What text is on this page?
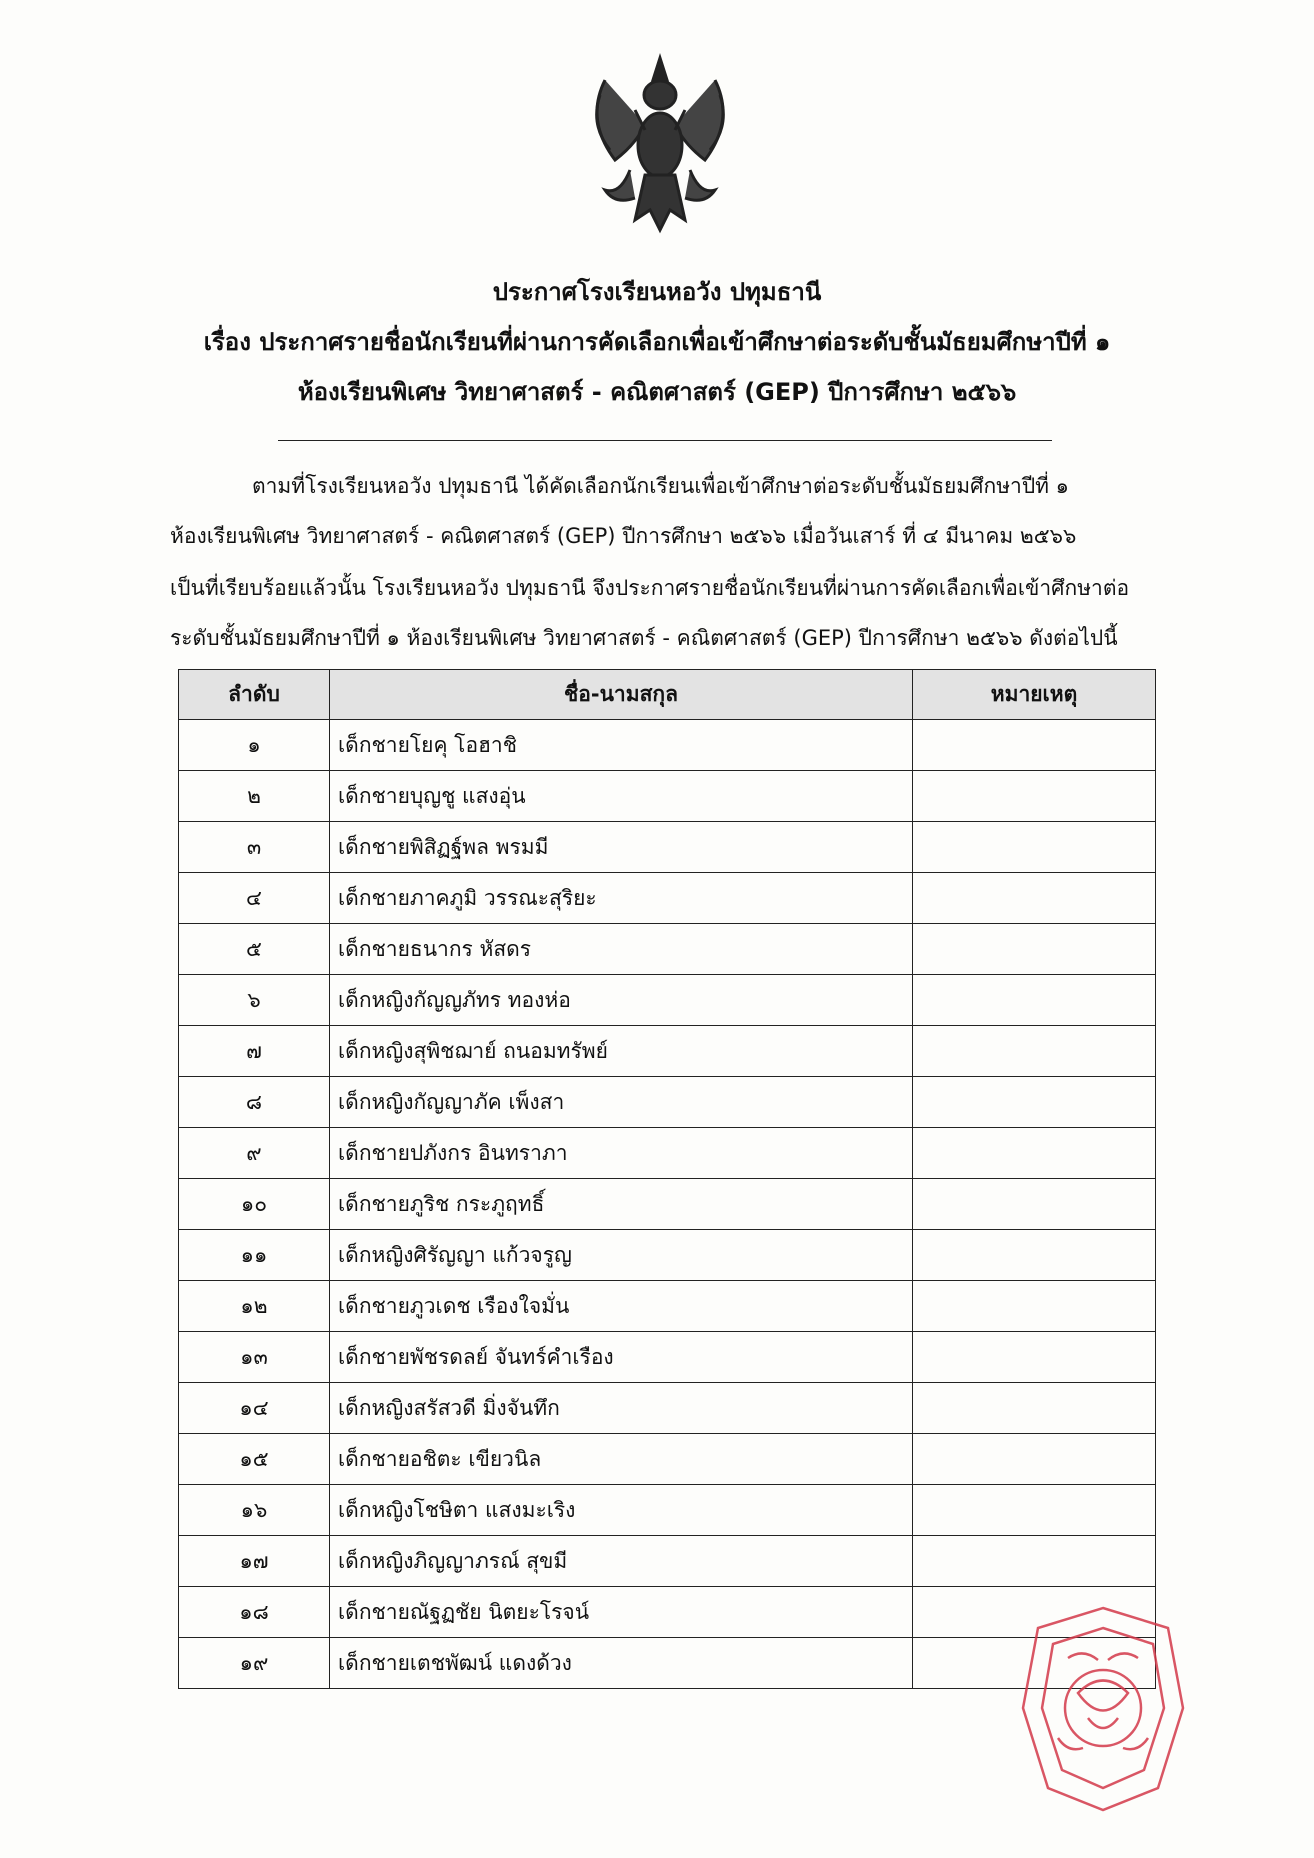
ประกาศโรงเรียนหอวัง ปทุมธานี
เรื่อง ประกาศรายชื่อนักเรียนที่ผ่านการคัดเลือกเพื่อเข้าศึกษาต่อระดับชั้นมัธยมศึกษาปีที่ ๑
ห้องเรียนพิเศษ วิทยาศาสตร์ - คณิตศาสตร์ (GEP) ปีการศึกษา ๒๕๖๖
ตามที่โรงเรียนหอวัง ปทุมธานี ได้คัดเลือกนักเรียนเพื่อเข้าศึกษาต่อระดับชั้นมัธยมศึกษาปีที่ ๑
ห้องเรียนพิเศษ วิทยาศาสตร์ - คณิตศาสตร์ (GEP) ปีการศึกษา ๒๕๖๖ เมื่อวันเสาร์ ที่ ๔ มีนาคม ๒๕๖๖
เป็นที่เรียบร้อยแล้วนั้น โรงเรียนหอวัง ปทุมธานี จึงประกาศรายชื่อนักเรียนที่ผ่านการคัดเลือกเพื่อเข้าศึกษาต่อ
ระดับชั้นมัธยมศึกษาปีที่ ๑ ห้องเรียนพิเศษ วิทยาศาสตร์ - คณิตศาสตร์ (GEP) ปีการศึกษา ๒๕๖๖ ดังต่อไปนี้
ลำดับ	ชื่อ-นามสกุล	หมายเหตุ
๑	เด็กชายโยคุ โอฮาชิ	
๒	เด็กชายบุญชู แสงอุ่น	
๓	เด็กชายพิสิฏฐ์พล พรมมี	
๔	เด็กชายภาคภูมิ วรรณะสุริยะ	
๕	เด็กชายธนากร หัสดร	
๖	เด็กหญิงกัญญภัทร ทองห่อ	
๗	เด็กหญิงสุพิชฌาย์ ถนอมทรัพย์	
๘	เด็กหญิงกัญญาภัค เพ็งสา	
๙	เด็กชายปภังกร อินทราภา	
๑๐	เด็กชายภูริช กระภูฤทธิ์	
๑๑	เด็กหญิงศิรัญญา แก้วจรูญ	
๑๒	เด็กชายภูวเดช เรืองใจมั่น	
๑๓	เด็กชายพัชรดลย์ จันทร์คำเรือง	
๑๔	เด็กหญิงสรัสวดี มิ่งจันทึก	
๑๕	เด็กชายอชิตะ เขียวนิล	
๑๖	เด็กหญิงโชษิตา แสงมะเริง	
๑๗	เด็กหญิงภิญญาภรณ์ สุขมี	
๑๘	เด็กชายณัฐฏชัย นิตยะโรจน์	
๑๙	เด็กชายเตชพัฒน์ แดงด้วง	
